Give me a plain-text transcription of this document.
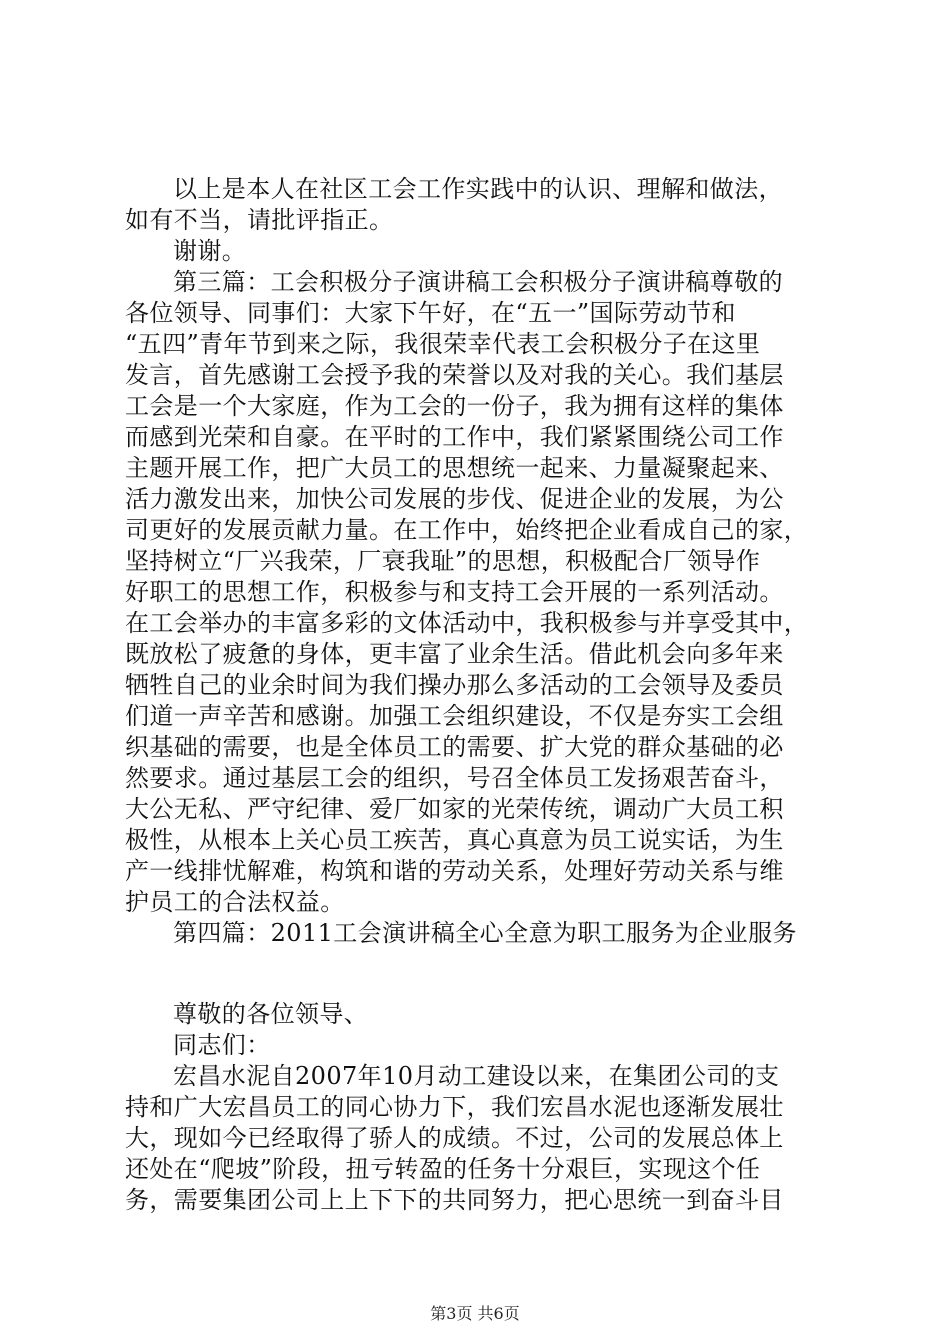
以上是本人在社区工会工作实践中的认识、理解和做法，
如有不当，请批评指正。
谢谢。
第三篇：工会积极分子演讲稿工会积极分子演讲稿尊敬的
各位领导、同事们：大家下午好，在“五一”国际劳动节和
“五四”青年节到来之际，我很荣幸代表工会积极分子在这里
发言，首先感谢工会授予我的荣誉以及对我的关心。我们基层
工会是一个大家庭，作为工会的一份子，我为拥有这样的集体
而感到光荣和自豪。在平时的工作中，我们紧紧围绕公司工作
主题开展工作，把广大员工的思想统一起来、力量凝聚起来、
活力激发出来，加快公司发展的步伐、促进企业的发展，为公
司更好的发展贡献力量。在工作中，始终把企业看成自己的家，
坚持树立“厂兴我荣，厂衰我耻”的思想，积极配合厂领导作
好职工的思想工作，积极参与和支持工会开展的一系列活动。
在工会举办的丰富多彩的文体活动中，我积极参与并享受其中，
既放松了疲惫的身体，更丰富了业余生活。借此机会向多年来
牺牲自己的业余时间为我们操办那么多活动的工会领导及委员
们道一声辛苦和感谢。加强工会组织建设，不仅是夯实工会组
织基础的需要，也是全体员工的需要、扩大党的群众基础的必
然要求。通过基层工会的组织，号召全体员工发扬艰苦奋斗，
大公无私、严守纪律、爱厂如家的光荣传统，调动广大员工积
极性，从根本上关心员工疾苦，真心真意为员工说实话，为生
产一线排忧解难，构筑和谐的劳动关系，处理好劳动关系与维
护员工的合法权益。
第四篇：2011工会演讲稿全心全意为职工服务为企业服务
尊敬的各位领导、
同志们：
宏昌水泥自2007年10月动工建设以来，在集团公司的支
持和广大宏昌员工的同心协力下，我们宏昌水泥也逐渐发展壮
大，现如今已经取得了骄人的成绩。不过，公司的发展总体上
还处在“爬坡”阶段，扭亏转盈的任务十分艰巨，实现这个任
务，需要集团公司上上下下的共同努力，把心思统一到奋斗目
第3页 共6页
